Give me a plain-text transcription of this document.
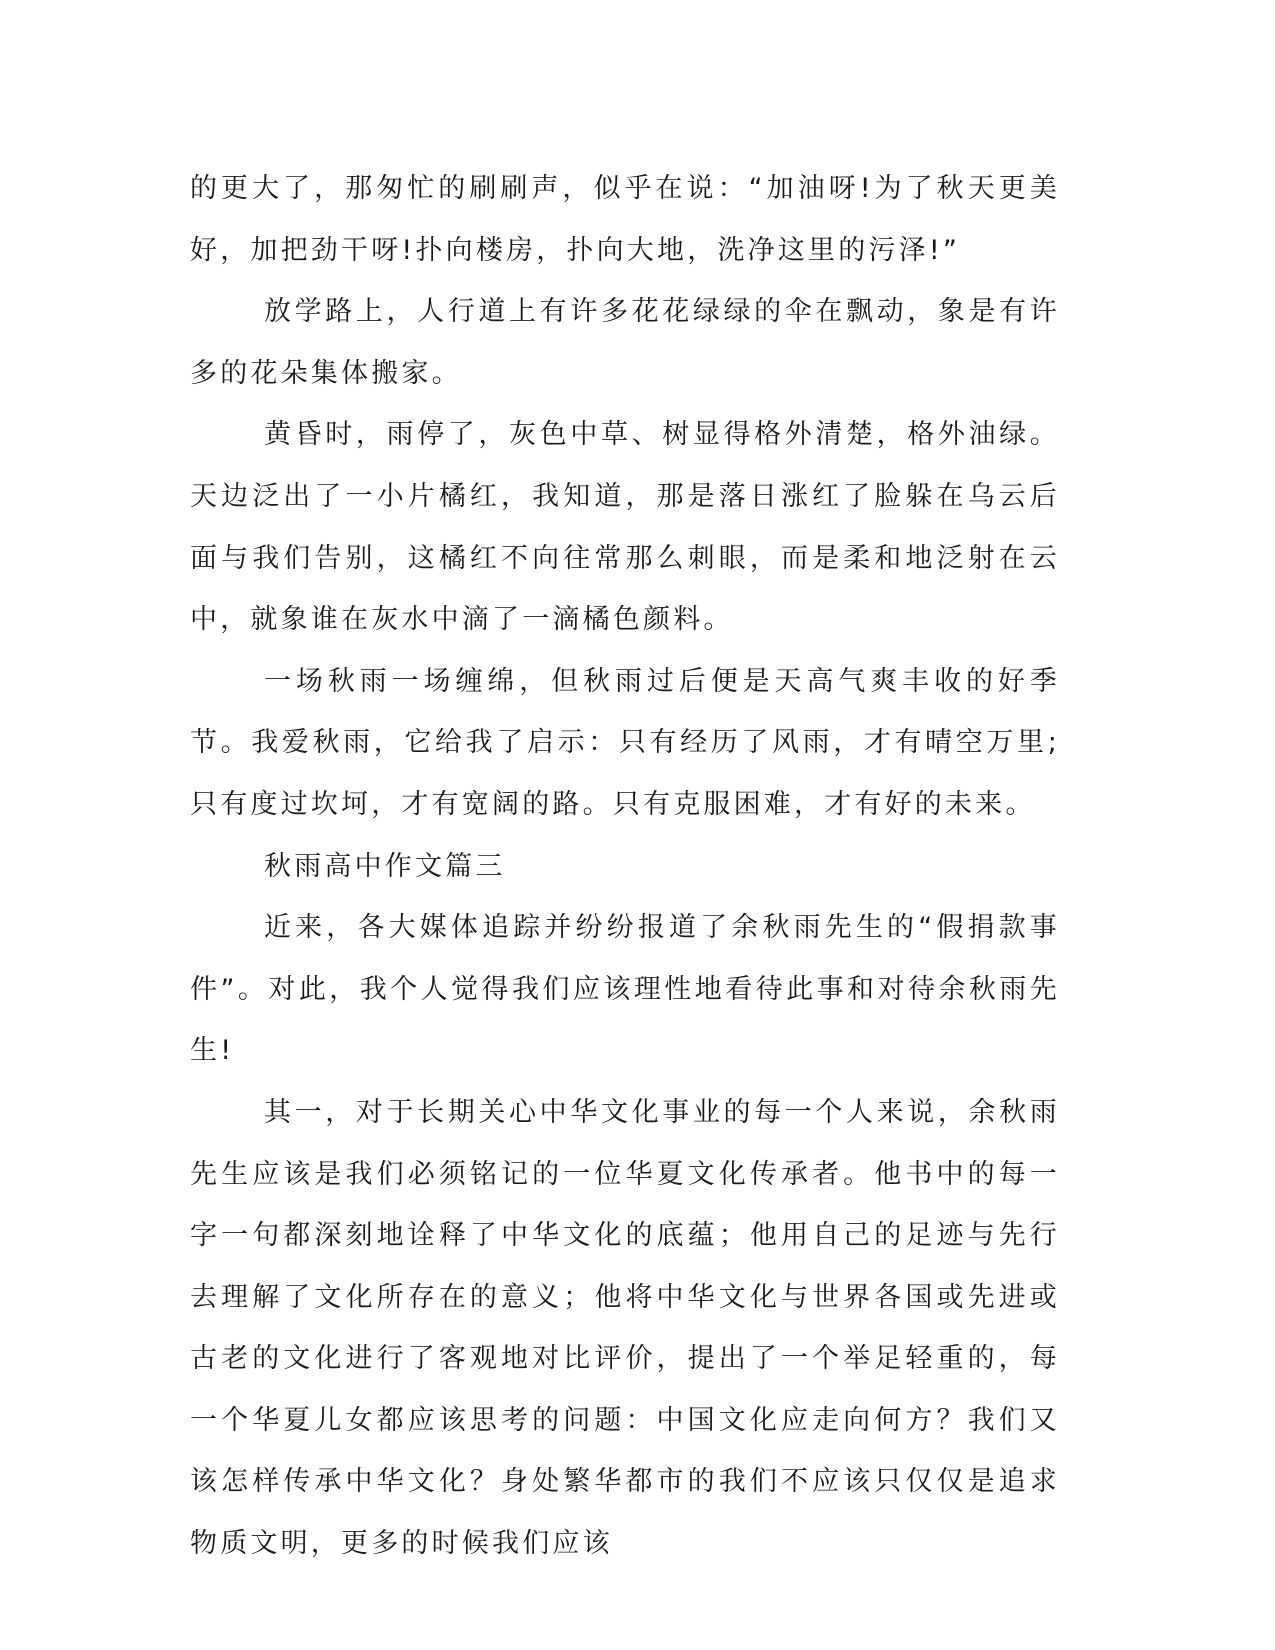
的更大了，那匆忙的刷刷声，似乎在说：“加油呀!为了秋天更美好，加把劲干呀!扑向楼房，扑向大地，洗净这里的污泽!”

放学路上，人行道上有许多花花绿绿的伞在飘动，象是有许多的花朵集体搬家。

黄昏时，雨停了，灰色中草、树显得格外清楚，格外油绿。天边泛出了一小片橘红，我知道，那是落日涨红了脸躲在乌云后面与我们告别，这橘红不向往常那么刺眼，而是柔和地泛射在云中，就象谁在灰水中滴了一滴橘色颜料。

一场秋雨一场缠绵，但秋雨过后便是天高气爽丰收的好季节。我爱秋雨，它给我了启示：只有经历了风雨，才有晴空万里;只有度过坎坷，才有宽阔的路。只有克服困难，才有好的未来。

秋雨高中作文篇三

近来，各大媒体追踪并纷纷报道了余秋雨先生的“假捐款事件”。对此，我个人觉得我们应该理性地看待此事和对待余秋雨先生!

其一，对于长期关心中华文化事业的每一个人来说，余秋雨先生应该是我们必须铭记的一位华夏文化传承者。他书中的每一字一句都深刻地诠释了中华文化的底蕴；他用自己的足迹与先行去理解了文化所存在的意义；他将中华文化与世界各国或先进或古老的文化进行了客观地对比评价，提出了一个举足轻重的，每一个华夏儿女都应该思考的问题：中国文化应走向何方？我们又该怎样传承中华文化？身处繁华都市的我们不应该只仅仅是追求物质文明，更多的时候我们应该
